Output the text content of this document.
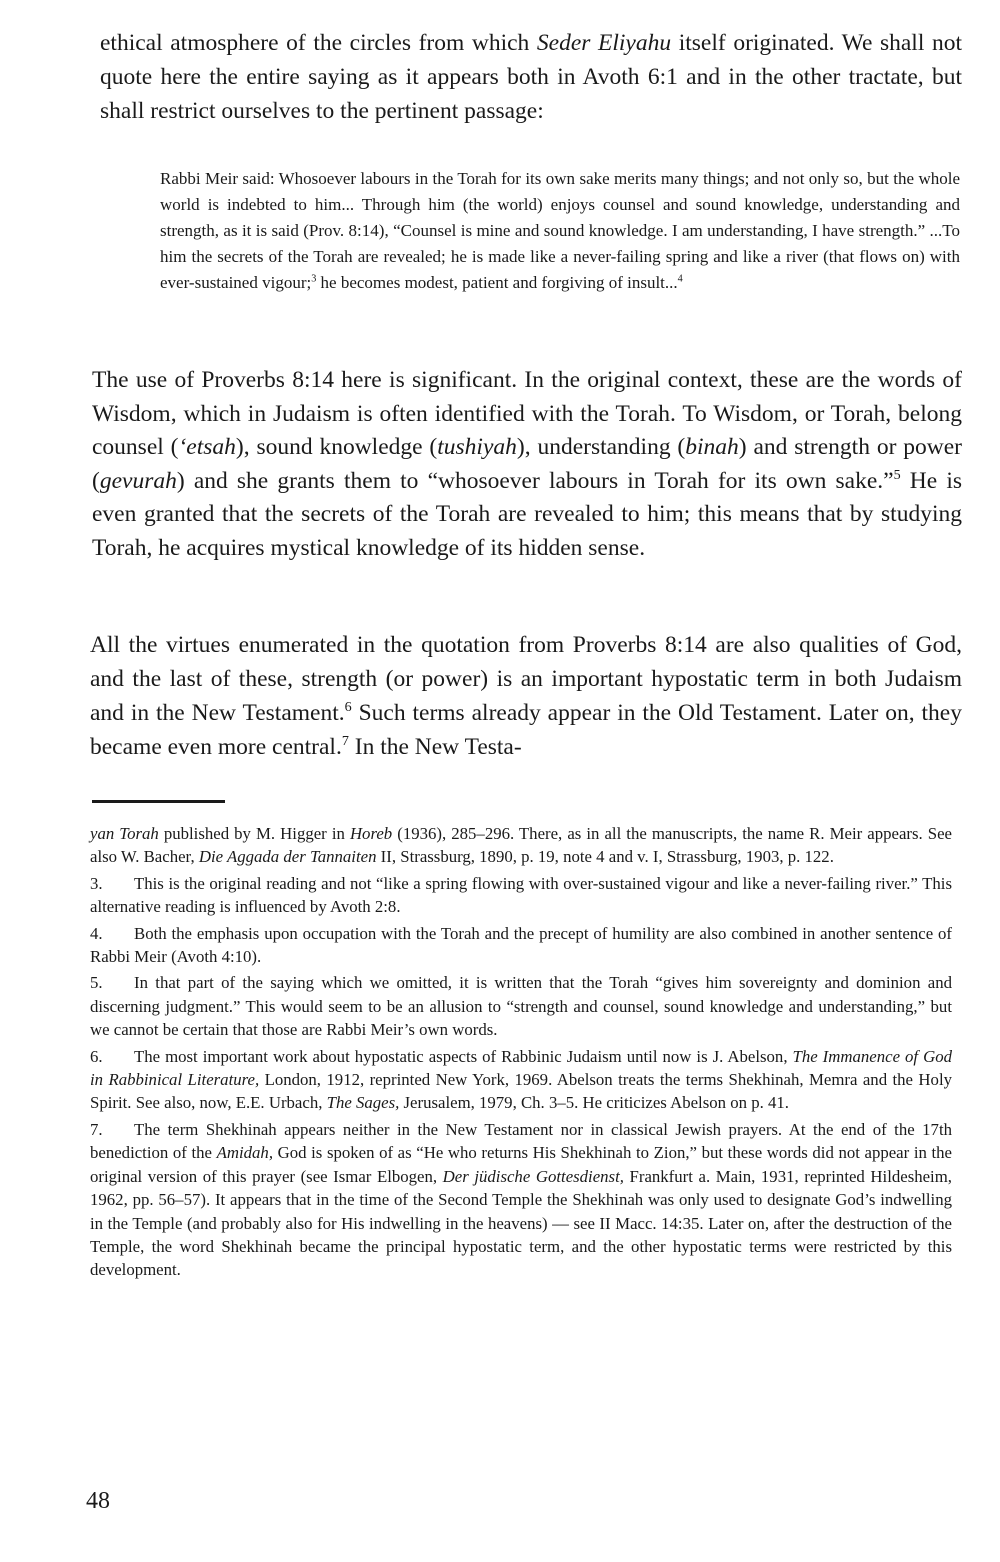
ethical atmosphere of the circles from which Seder Eliyahu itself originated. We shall not quote here the entire saying as it appears both in Avoth 6:1 and in the other tractate, but shall restrict ourselves to the pertinent passage:

Rabbi Meir said: Whosoever labours in the Torah for its own sake merits many things; and not only so, but the whole world is indebted to him... Through him (the world) enjoys counsel and sound knowledge, understanding and strength, as it is said (Prov. 8:14), “Counsel is mine and sound knowledge. I am understanding, I have strength.” ...To him the secrets of the Torah are revealed; he is made like a never-failing spring and like a river (that flows on) with ever-sustained vigour;$^3$ he becomes modest, patient and forgiving of insult...$^4$

The use of Proverbs 8:14 here is significant. In the original context, these are the words of Wisdom, which in Judaism is often identified with the Torah. To Wisdom, or Torah, belong counsel (‘etsah), sound knowledge (tushiyah), understanding (binah) and strength or power (gevurah) and she grants them to “whosoever labours in Torah for its own sake.”$^5$ He is even granted that the secrets of the Torah are revealed to him; this means that by studying Torah, he acquires mystical knowledge of its hidden sense.

All the virtues enumerated in the quotation from Proverbs 8:14 are also qualities of God, and the last of these, strength (or power) is an important hypostatic term in both Judaism and in the New Testament.$^6$ Such terms already appear in the Old Testament. Later on, they became even more central.$^7$ In the New Testa-

yan Torah published by M. Higger in Horeb (1936), 285–296. There, as in all the manuscripts, the name R. Meir appears. See also W. Bacher, Die Aggada der Tannaiten II, Strassburg, 1890, p. 19, note 4 and v. I, Strassburg, 1903, p. 122.

3. This is the original reading and not “like a spring flowing with over-sustained vigour and like a never-failing river.” This alternative reading is influenced by Avoth 2:8.

4. Both the emphasis upon occupation with the Torah and the precept of humility are also combined in another sentence of Rabbi Meir (Avoth 4:10).

5. In that part of the saying which we omitted, it is written that the Torah “gives him sovereignty and dominion and discerning judgment.” This would seem to be an allusion to “strength and counsel, sound knowledge and understanding,” but we cannot be certain that those are Rabbi Meir’s own words.

6. The most important work about hypostatic aspects of Rabbinic Judaism until now is J. Abelson, The Immanence of God in Rabbinical Literature, London, 1912, reprinted New York, 1969. Abelson treats the terms Shekhinah, Memra and the Holy Spirit. See also, now, E.E. Urbach, The Sages, Jerusalem, 1979, Ch. 3–5. He criticizes Abelson on p. 41.

7. The term Shekhinah appears neither in the New Testament nor in classical Jewish prayers. At the end of the 17th benediction of the Amidah, God is spoken of as “He who returns His Shekhinah to Zion,” but these words did not appear in the original version of this prayer (see Ismar Elbogen, Der jüdische Gottesdienst, Frankfurt a. Main, 1931, reprinted Hildesheim, 1962, pp. 56–57). It appears that in the time of the Second Temple the Shekhinah was only used to designate God’s indwelling in the Temple (and probably also for His indwelling in the heavens) — see II Macc. 14:35. Later on, after the destruction of the Temple, the word Shekhinah became the principal hypostatic term, and the other hypostatic terms were restricted by this development.

48
